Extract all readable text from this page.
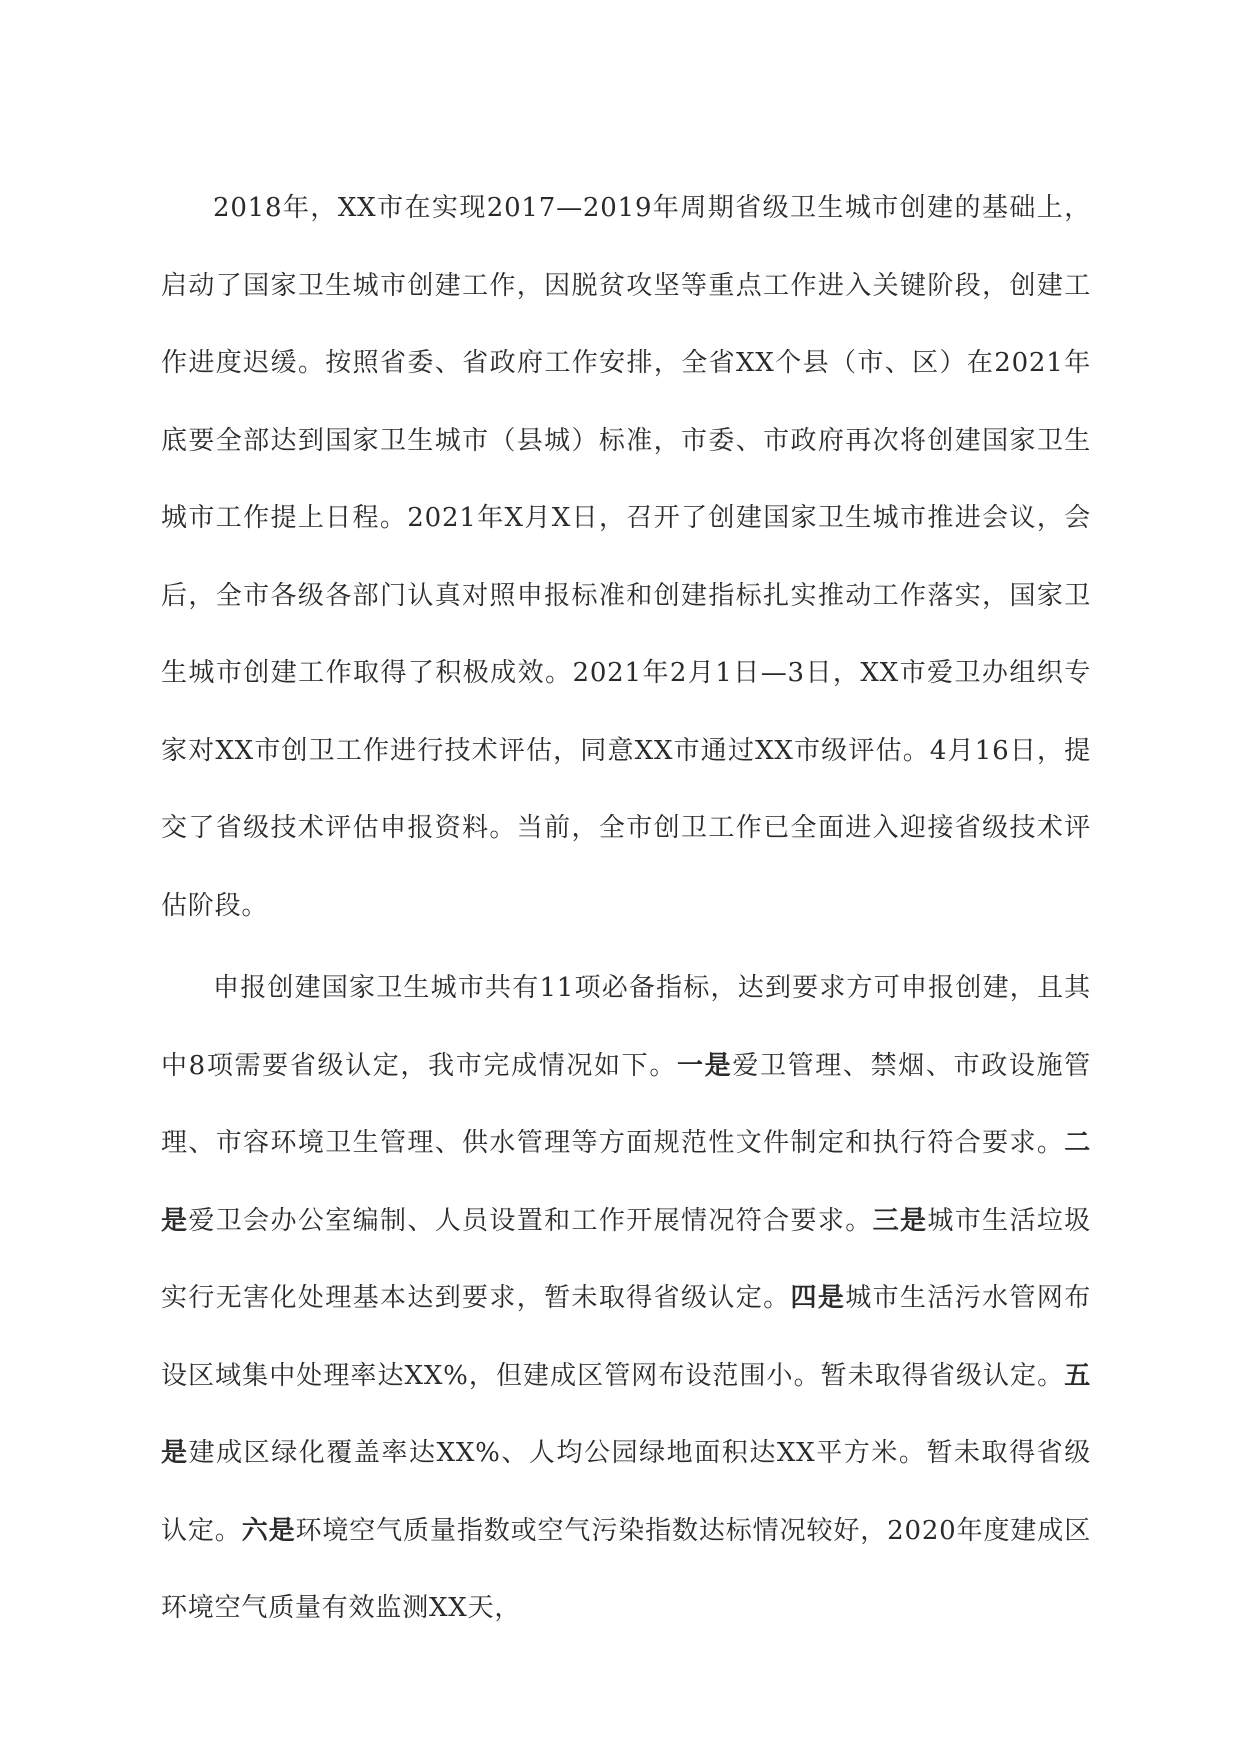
2018年，XX市在实现2017—2019年周期省级卫生城市创建的基础上，启动了国家卫生城市创建工作，因脱贫攻坚等重点工作进入关键阶段，创建工作进度迟缓。按照省委、省政府工作安排，全省XX个县（市、区）在2021年底要全部达到国家卫生城市（县城）标准，市委、市政府再次将创建国家卫生城市工作提上日程。2021年X月X日，召开了创建国家卫生城市推进会议，会后，全市各级各部门认真对照申报标准和创建指标扎实推动工作落实，国家卫生城市创建工作取得了积极成效。2021年2月1日—3日，XX市爱卫办组织专家对XX市创卫工作进行技术评估，同意XX市通过XX市级评估。4月16日，提交了省级技术评估申报资料。当前，全市创卫工作已全面进入迎接省级技术评估阶段。

申报创建国家卫生城市共有11项必备指标，达到要求方可申报创建，且其中8项需要省级认定，我市完成情况如下。一是爱卫管理、禁烟、市政设施管理、市容环境卫生管理、供水管理等方面规范性文件制定和执行符合要求。二是爱卫会办公室编制、人员设置和工作开展情况符合要求。三是城市生活垃圾实行无害化处理基本达到要求，暂未取得省级认定。四是城市生活污水管网布设区域集中处理率达XX%，但建成区管网布设范围小。暂未取得省级认定。五是建成区绿化覆盖率达XX%、人均公园绿地面积达XX平方米。暂未取得省级认定。六是环境空气质量指数或空气污染指数达标情况较好，2020年度建成区环境空气质量有效监测XX天，
